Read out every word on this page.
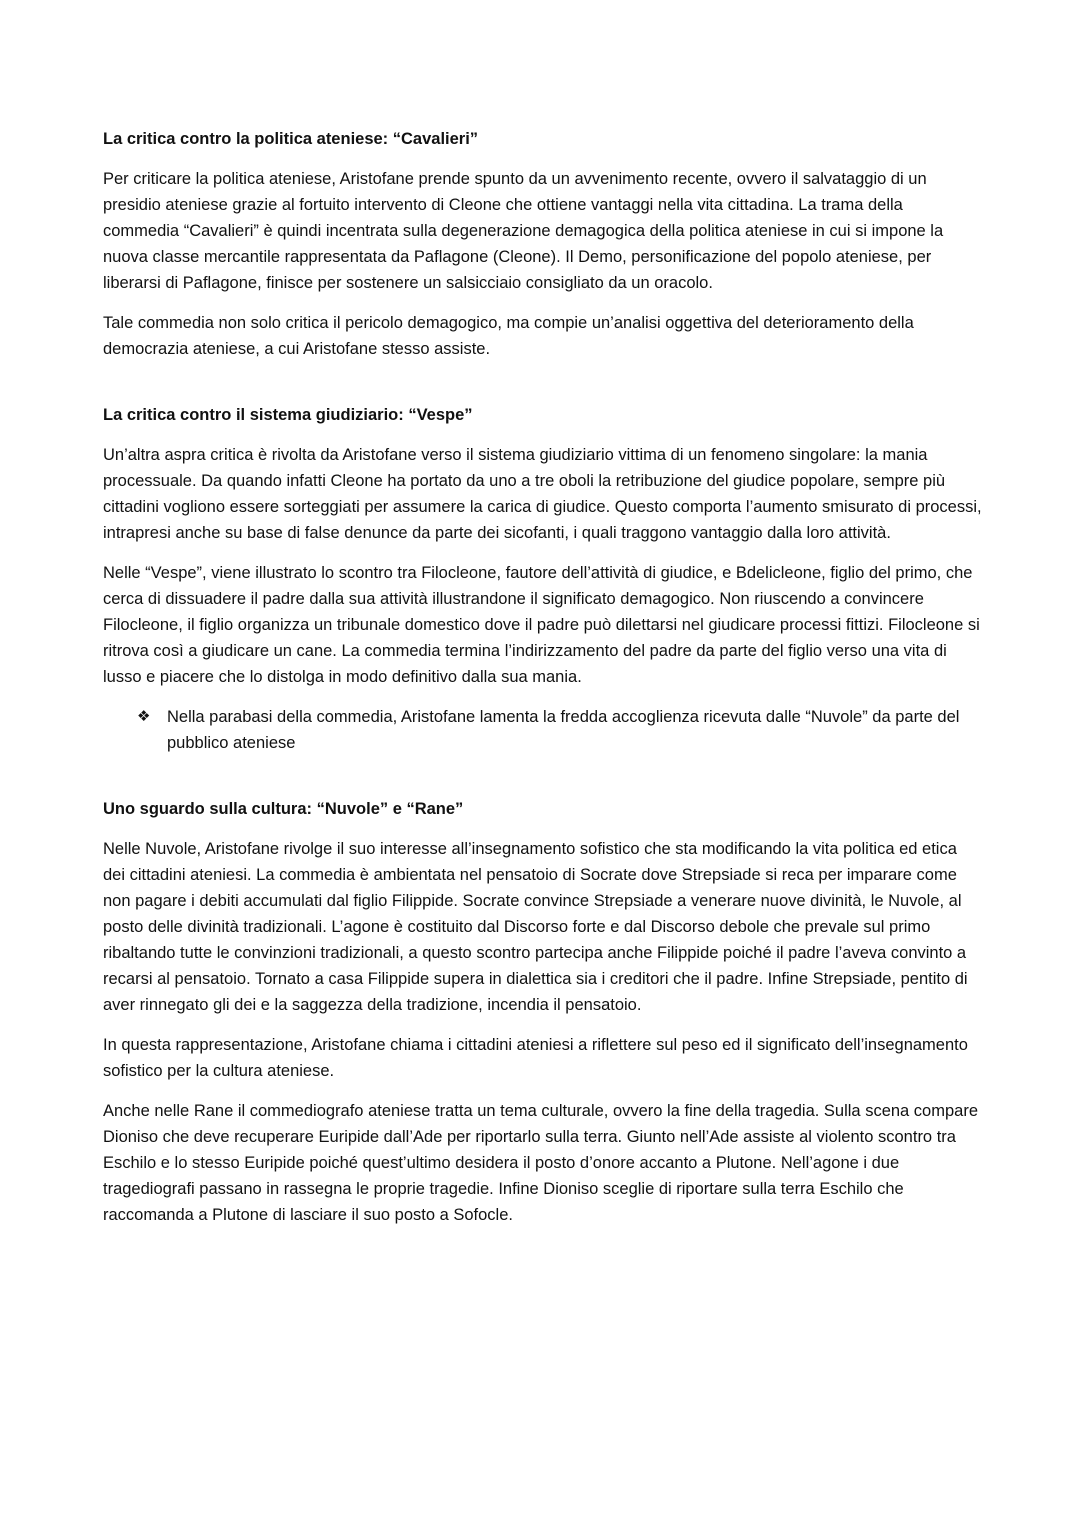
La critica contro la politica ateniese: “Cavalieri”

Per criticare la politica ateniese, Aristofane prende spunto da un avvenimento recente, ovvero il salvataggio di un presidio ateniese grazie al fortuito intervento di Cleone che ottiene vantaggi nella vita cittadina. La trama della commedia “Cavalieri” è quindi incentrata sulla degenerazione demagogica della politica ateniese in cui si impone la nuova classe mercantile rappresentata da Paflagone (Cleone). Il Demo, personificazione del popolo ateniese, per liberarsi di Paflagone, finisce per sostenere un salsicciaio consigliato da un oracolo.

Tale commedia non solo critica il pericolo demagogico, ma compie un’analisi oggettiva del deterioramento della democrazia ateniese, a cui Aristofane stesso assiste.

La critica contro il sistema giudiziario: “Vespe”

Un’altra aspra critica è rivolta da Aristofane verso il sistema giudiziario vittima di un fenomeno singolare: la mania processuale. Da quando infatti Cleone ha portato da uno a tre oboli la retribuzione del giudice popolare, sempre più cittadini vogliono essere sorteggiati per assumere la carica di giudice. Questo comporta l’aumento smisurato di processi, intrapresi anche su base di false denunce da parte dei sicofanti, i quali traggono vantaggio dalla loro attività.

Nelle “Vespe”, viene illustrato lo scontro tra Filocleone, fautore dell’attività di giudice, e Bdelicleone, figlio del primo, che cerca di dissuadere il padre dalla sua attività illustrandone il significato demagogico. Non riuscendo a convincere Filocleone, il figlio organizza un tribunale domestico dove il padre può dilettarsi nel giudicare processi fittizi. Filocleone si ritrova così a giudicare un cane. La commedia termina l’indirizzamento del padre da parte del figlio verso una vita di lusso e piacere che lo distolga in modo definitivo dalla sua mania.

❖	Nella parabasi della commedia, Aristofane lamenta la fredda accoglienza ricevuta dalle “Nuvole” da parte del pubblico ateniese
Uno sguardo sulla cultura: “Nuvole” e “Rane”

Nelle Nuvole, Aristofane rivolge il suo interesse all’insegnamento sofistico che sta modificando la vita politica ed etica dei cittadini ateniesi. La commedia è ambientata nel pensatoio di Socrate dove Strepsiade si reca per imparare come non pagare i debiti accumulati dal figlio Filippide. Socrate convince Strepsiade a venerare nuove divinità, le Nuvole, al posto delle divinità tradizionali. L’agone è costituito dal Discorso forte e dal Discorso debole che prevale sul primo ribaltando tutte le convinzioni tradizionali, a questo scontro partecipa anche Filippide poiché il padre l’aveva convinto a recarsi al pensatoio. Tornato a casa Filippide supera in dialettica sia i creditori che il padre. Infine Strepsiade, pentito di aver rinnegato gli dei e la saggezza della tradizione, incendia il pensatoio.

In questa rappresentazione, Aristofane chiama i cittadini ateniesi a riflettere sul peso ed il significato dell’insegnamento sofistico per la cultura ateniese.

Anche nelle Rane il commediografo ateniese tratta un tema culturale, ovvero la fine della tragedia. Sulla scena compare Dioniso che deve recuperare Euripide dall’Ade per riportarlo sulla terra. Giunto nell’Ade assiste al violento scontro tra Eschilo e lo stesso Euripide poiché quest’ultimo desidera il posto d’onore accanto a Plutone. Nell’agone i due tragediografi passano in rassegna le proprie tragedie. Infine Dioniso sceglie di riportare sulla terra Eschilo che raccomanda a Plutone di lasciare il suo posto a Sofocle.
